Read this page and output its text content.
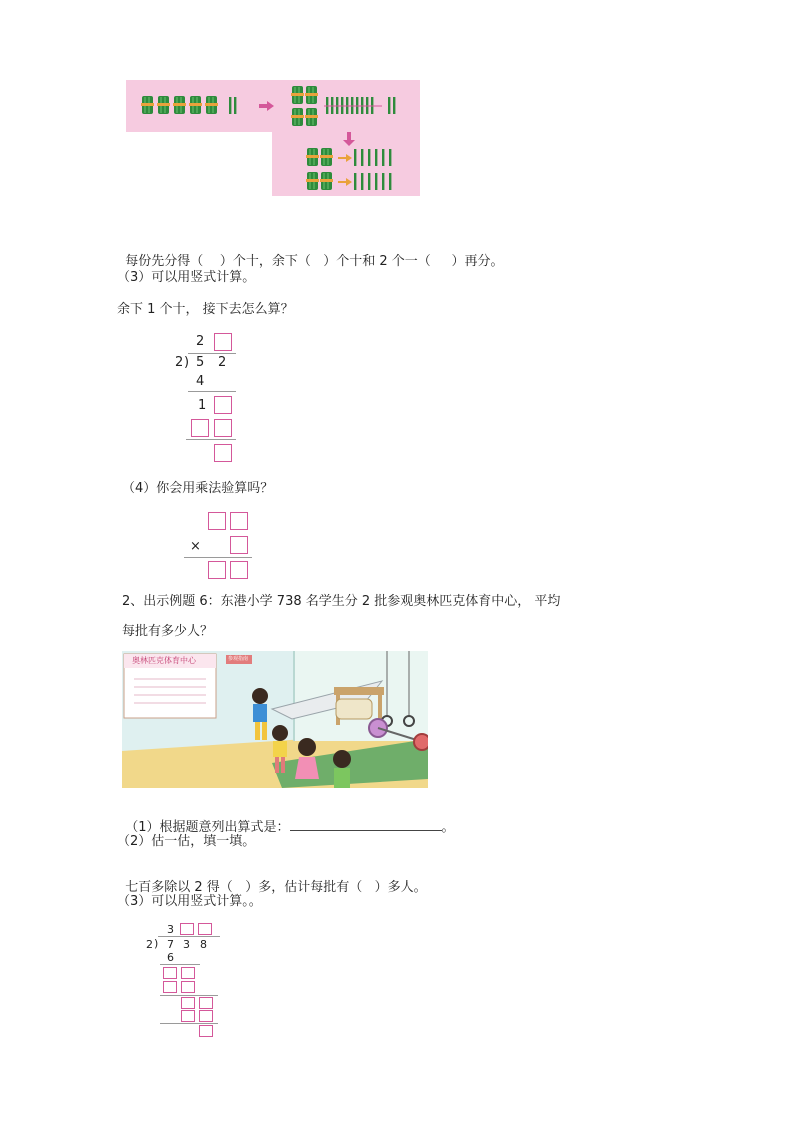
每份先分得（ ）个十，余下（ ）个十和 2 个一（ ）再分。

（3）可以用竖式计算。
余下 1 个十， 接下去怎么算？
2
2 ) 5 2
4
1
（4）你会用乘法验算吗？
×
2、出示例题 6：东港小学 738 名学生分 2 批参观奥林匹克体育中心， 平均
每批有多少人？
奥林匹克体育中心	参观指南

（1）根据题意列出算式是：	。

（2）估一估，填一填。

七百多除以 2 得（ ）多，估计每批有（ ）多人。

（3）可以用竖式计算。。
3
2 ) 7 3 8
6
